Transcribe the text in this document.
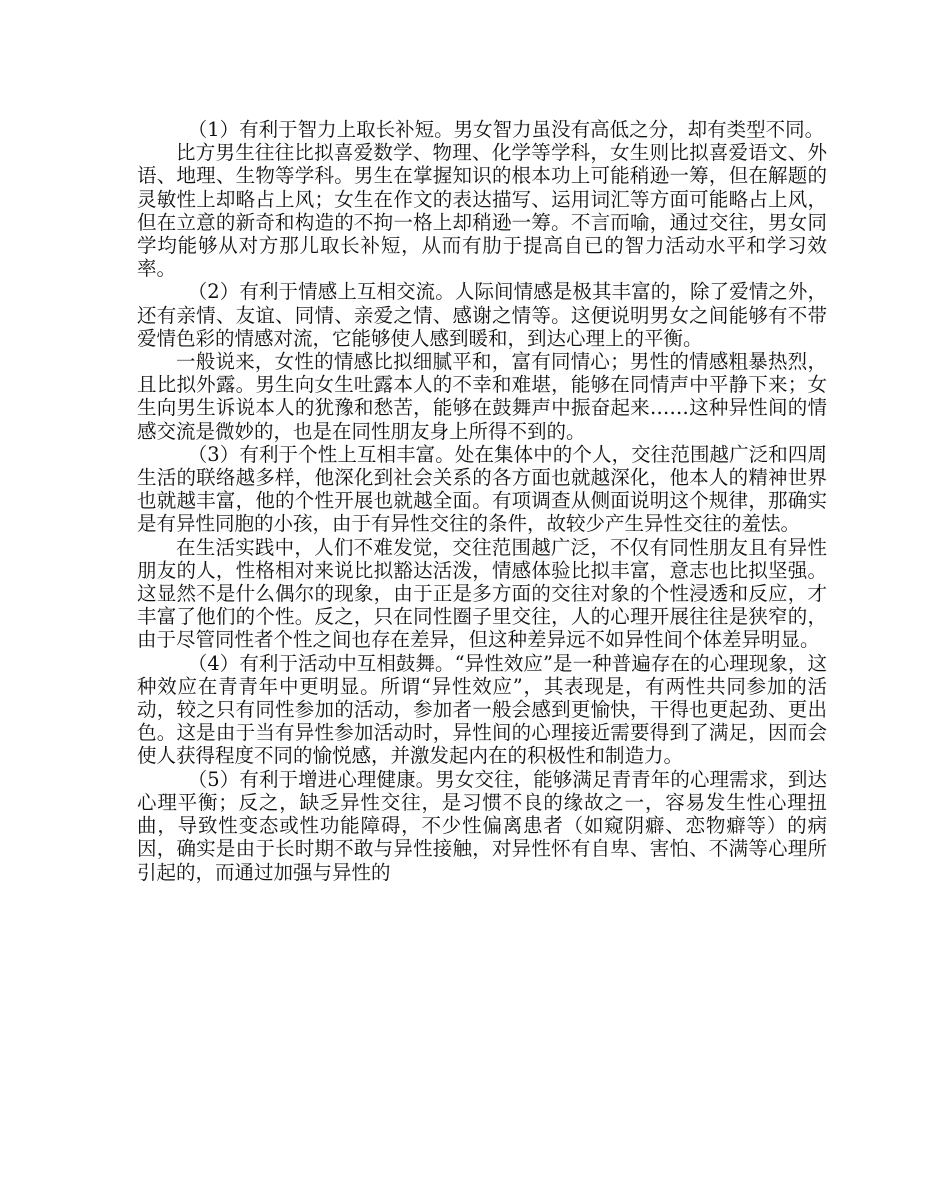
（1）有利于智力上取长补短。男女智力虽没有高低之分，却有类型不同。

比方男生往往比拟喜爱数学、物理、化学等学科，女生则比拟喜爱语文、外语、地理、生物等学科。男生在掌握知识的根本功上可能稍逊一筹，但在解题的灵敏性上却略占上风；女生在作文的表达描写、运用词汇等方面可能略占上风，但在立意的新奇和构造的不拘一格上却稍逊一筹。不言而喻，通过交往，男女同学均能够从对方那儿取长补短，从而有肋于提高自已的智力活动水平和学习效率。

（2）有利于情感上互相交流。人际间情感是极其丰富的，除了爱情之外，还有亲情、友谊、同情、亲爱之情、感谢之情等。这便说明男女之间能够有不带爱情色彩的情感对流，它能够使人感到暖和，到达心理上的平衡。

一般说来，女性的情感比拟细腻平和，富有同情心；男性的情感粗暴热烈，且比拟外露。男生向女生吐露本人的不幸和难堪，能够在同情声中平静下来；女生向男生诉说本人的犹豫和愁苦，能够在鼓舞声中振奋起来……这种异性间的情感交流是微妙的，也是在同性朋友身上所得不到的。

（3）有利于个性上互相丰富。处在集体中的个人，交往范围越广泛和四周生活的联络越多样，他深化到社会关系的各方面也就越深化，他本人的精神世界也就越丰富，他的个性开展也就越全面。有项调查从侧面说明这个规律，那确实是有异性同胞的小孩，由于有异性交往的条件，故较少产生异性交往的羞怯。

在生活实践中，人们不难发觉，交往范围越广泛，不仅有同性朋友且有异性朋友的人，性格相对来说比拟豁达活泼，情感体验比拟丰富，意志也比拟坚强。这显然不是什么偶尔的现象，由于正是多方面的交往对象的个性浸透和反应，才丰富了他们的个性。反之，只在同性圈子里交往，人的心理开展往往是狭窄的，由于尽管同性者个性之间也存在差异，但这种差异远不如异性间个体差异明显。

（4）有利于活动中互相鼓舞。“异性效应”是一种普遍存在的心理现象，这种效应在青青年中更明显。所谓“异性效应”，其表现是，有两性共同参加的活动，较之只有同性参加的活动，参加者一般会感到更愉快，干得也更起劲、更出色。这是由于当有异性参加活动时，异性间的心理接近需要得到了满足，因而会使人获得程度不同的愉悦感，并激发起内在的积极性和制造力。

（5）有利于增进心理健康。男女交往，能够满足青青年的心理需求，到达心理平衡；反之，缺乏异性交往，是习惯不良的缘故之一，容易发生性心理扭曲，导致性变态或性功能障碍，不少性偏离患者（如窥阴癖、恋物癖等）的病因，确实是由于长时期不敢与异性接触，对异性怀有自卑、害怕、不满等心理所引起的，而通过加强与异性的
